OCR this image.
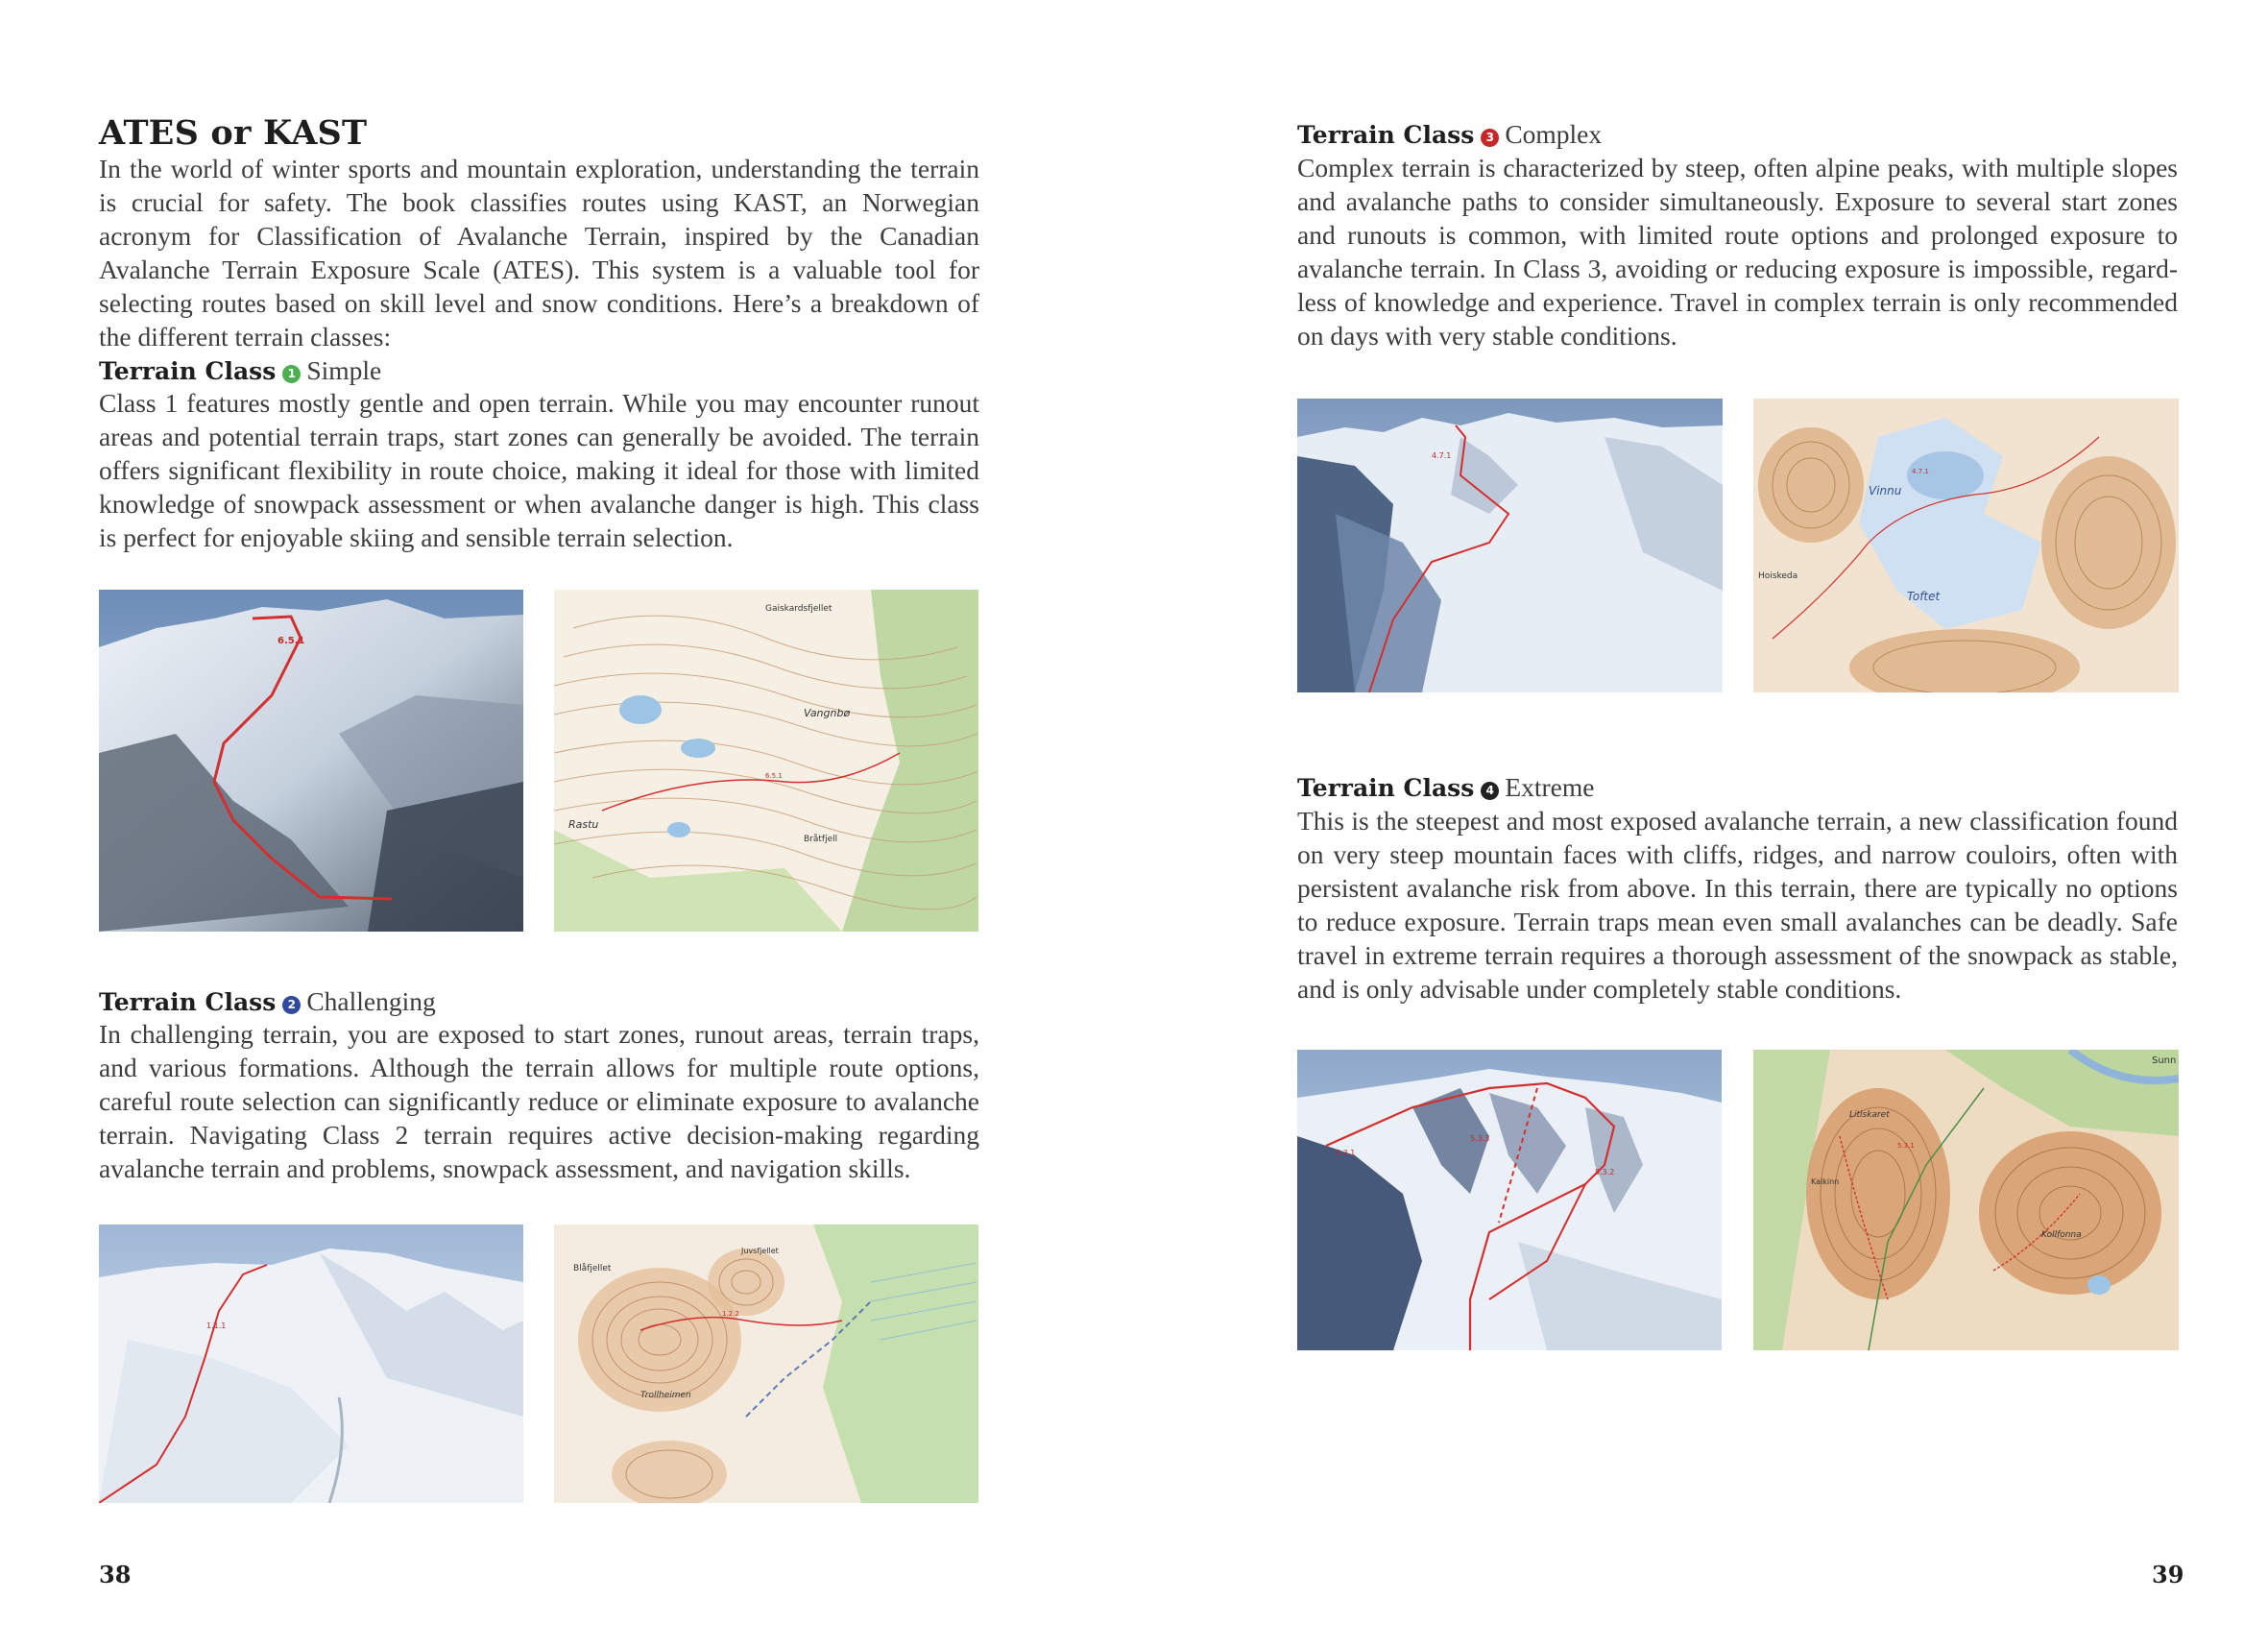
ATES or KAST

In the world of winter sports and mountain exploration, understanding the terrain is crucial for safety. The book classifies routes using KAST, an Norwegian acronym for Classification of Avalanche Terrain, inspired by the Canadian Avalanche Terrain Exposure Scale (ATES). This system is a valuable tool for selecting routes based on skill level and snow conditions. Here’s a breakdown of the different terrain classes:

Terrain Class 1 Simple

Class 1 features mostly gentle and open terrain. While you may encounter runout areas and potential terrain traps, start zones can generally be avoided. The terrain offers significant flexibility in route choice, making it ideal for those with limited knowledge of snowpack assessment or when avalanche danger is high. This class is perfect for enjoyable skiing and sensible terrain selection.

6.5.1
Gaiskardsfjellet
Vangnbø
Rastu
Bråtfjell
6.5.1
Terrain Class 2 Challenging

In challenging terrain, you are exposed to start zones, runout areas, terrain traps, and various formations. Although the terrain allows for multiple route options, careful route selection can significantly reduce or eliminate exposure to avalanche terrain. Navigating Class 2 terrain requires active decision-making regarding avalanche terrain and problems, snowpack assessment, and navigation skills.

1.1.1
Blåfjellet
Juvsfjellet
Trollheimen
1.2.2
38
Terrain Class 3 Complex

Complex terrain is characterized by steep, often alpine peaks, with multiple slopes and avalanche paths to consider simultaneously. Exposure to several start zones and runouts is common, with limited route options and prolonged exposure to avalanche terrain. In Class 3, avoiding or reducing exposure is impossible, regard-less of knowledge and experience. Travel in complex terrain is only recommended on days with very stable conditions.

4.7.1
Vinnu
Toftet
Hoiskeda
4.7.1
Terrain Class 4 Extreme

This is the steepest and most exposed avalanche terrain, a new classification found on very steep mountain faces with cliffs, ridges, and narrow couloirs, often with persistent avalanche risk from above. In this terrain, there are typically no options to reduce exposure. Terrain traps mean even small avalanches can be deadly. Safe travel in extreme terrain requires a thorough assessment of the snowpack as stable, and is only advisable under completely stable conditions.

5.3.1
5.3.3
5.3.2
Litlskaret
Kalkinn
Kollfonna
Sunn
5.3.1
39
